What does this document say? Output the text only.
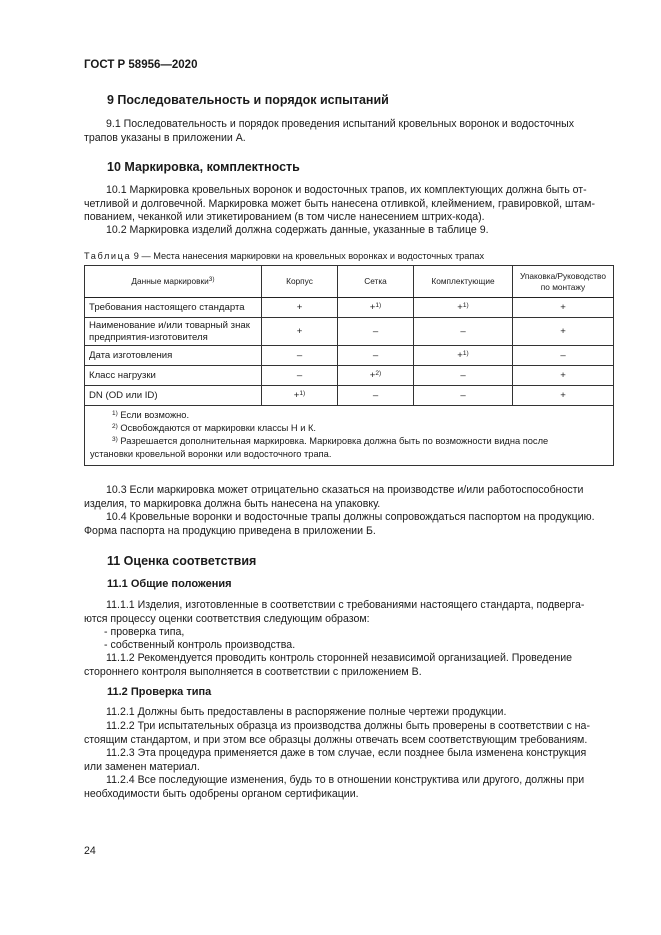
ГОСТ Р 58956—2020
9 Последовательность и порядок испытаний
9.1 Последовательность и порядок проведения испытаний кровельных воронок и водосточных
трапов указаны в приложении А.
10 Маркировка, комплектность
10.1 Маркировка кровельных воронок и водосточных трапов, их комплектующих должна быть от-
четливой и долговечной. Маркировка может быть нанесена отливкой, клеймением, гравировкой, штам-
пованием, чеканкой или этикетированием (в том числе нанесением штрих-кода).
10.2 Маркировка изделий должна содержать данные, указанные в таблице 9.
Таблица 9 — Места нанесения маркировки на кровельных воронках и водосточных трапах
Данные маркировки$^{3)}$	Корпус	Сетка	Комплектующие	Упаковка/Руководство
по монтажу
Требования настоящего стандарта	+	+$^{1)}$	+$^{1)}$	+
Наименование и/или товарный знак предприятия-изготовителя	+	–	–	+
Дата изготовления	–	–	+$^{1)}$	–
Класс нагрузки	–	+$^{2)}$	–	+
DN (OD или ID)	+$^{1)}$	–	–	+

$^{1)}$ Если возможно.
$^{2)}$ Освобождаются от маркировки классы Н и К.
$^{3)}$ Разрешается дополнительная маркировка. Маркировка должна быть по возможности видна после
установки кровельной воронки или водосточного трапа.				
10.3 Если маркировка может отрицательно сказаться на производстве и/или работоспособности
изделия, то маркировка должна быть нанесена на упаковку.
10.4 Кровельные воронки и водосточные трапы должны сопровождаться паспортом на продукцию.
Форма паспорта на продукцию приведена в приложении Б.
11 Оценка соответствия
11.1 Общие положения
11.1.1 Изделия, изготовленные в соответствии с требованиями настоящего стандарта, подверга-
ются процессу оценки соответствия следующим образом:
- проверка типа,
- собственный контроль производства.
11.1.2 Рекомендуется проводить контроль сторонней независимой организацией. Проведение
стороннего контроля выполняется в соответствии с приложением В.
11.2 Проверка типа
11.2.1 Должны быть предоставлены в распоряжение полные чертежи продукции.
11.2.2 Три испытательных образца из производства должны быть проверены в соответствии с на-
стоящим стандартом, и при этом все образцы должны отвечать всем соответствующим требованиям.
11.2.3 Эта процедура применяется даже в том случае, если позднее была изменена конструкция
или заменен материал.
11.2.4 Все последующие изменения, будь то в отношении конструктива или другого, должны при
необходимости быть одобрены органом сертификации.
24
